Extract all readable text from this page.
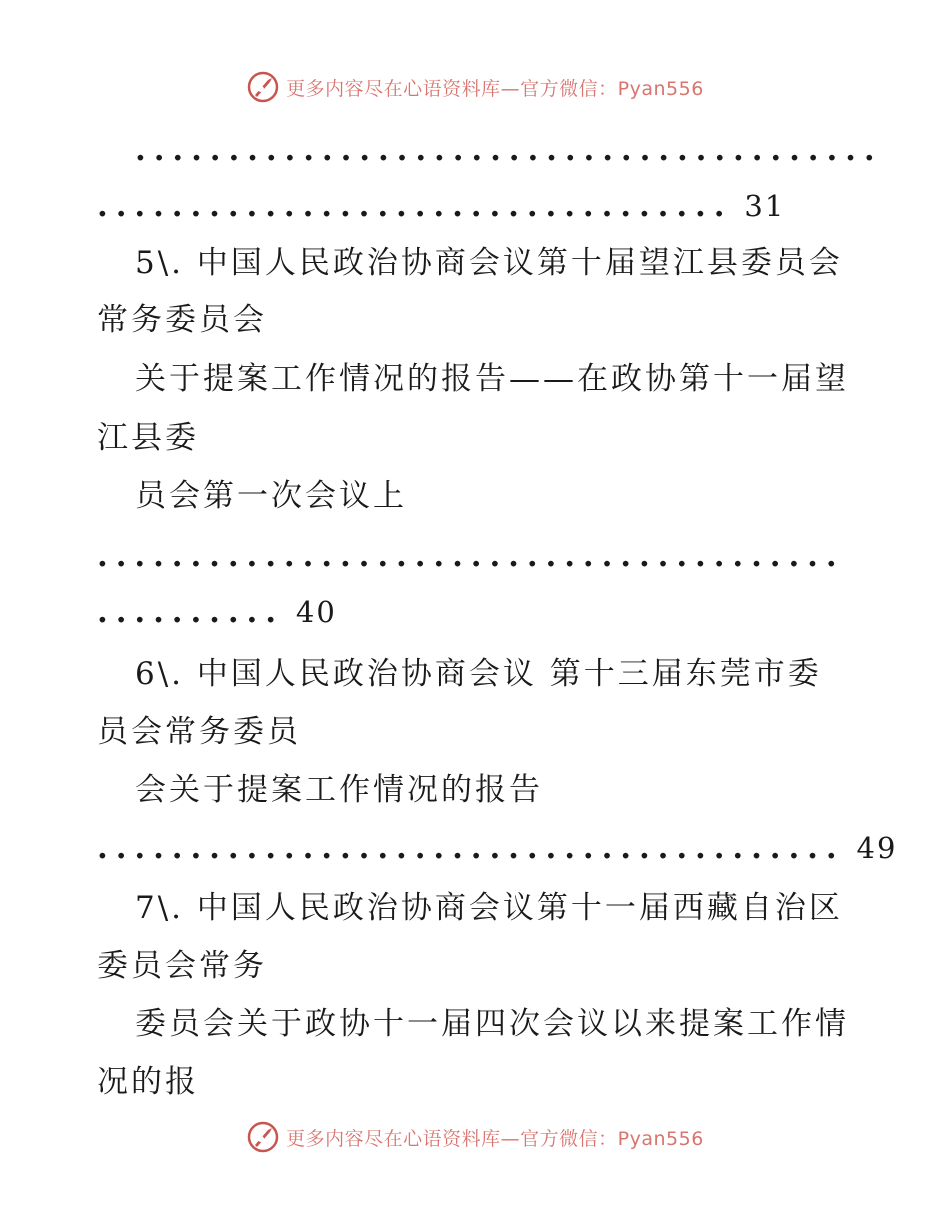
更多内容尽在心语资料库—官方微信：Pyan556
. . . . . . . . . . . . . . . . . . . . . . . . . . . . . . . . . . . . . . . .
. . . . . . . . . . . . . . . . . . . . . . . . . . . . . . . . . . 31
5\. 中国人民政治协商会议第十届望江县委员会
常务委员会
关于提案工作情况的报告——在政协第十一届望
江县委
员会第一次会议上
. . . . . . . . . . . . . . . . . . . . . . . . . . . . . . . . . . . . . . . .
. . . . . . . . . . 40
6\. 中国人民政治协商会议 第十三届东莞市委
员会常务委员
会关于提案工作情况的报告
. . . . . . . . . . . . . . . . . . . . . . . . . . . . . . . . . . . . . . . . 49
7\. 中国人民政治协商会议第十一届西藏自治区
委员会常务
委员会关于政协十一届四次会议以来提案工作情
况的报
更多内容尽在心语资料库—官方微信：Pyan556
